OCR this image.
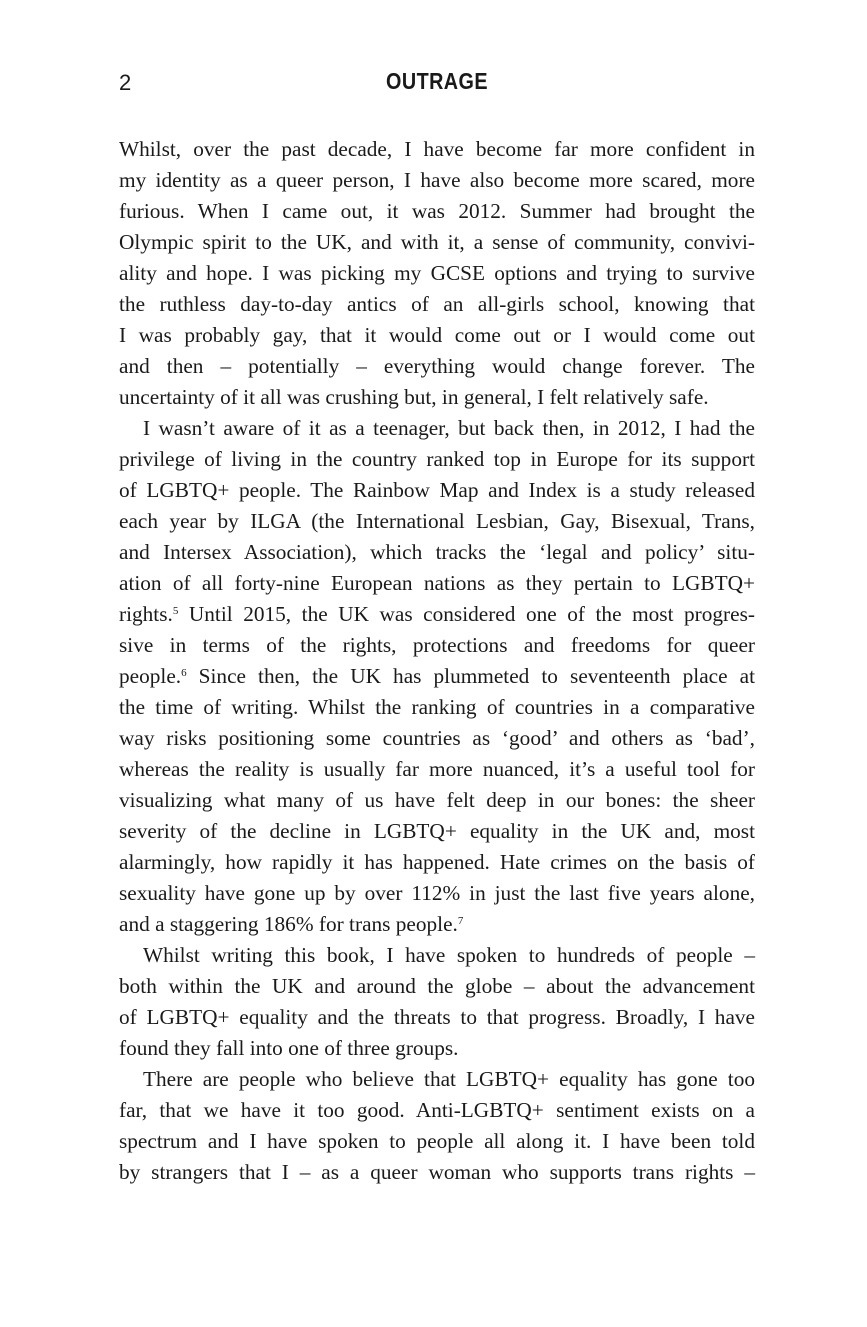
2	OUTRAGE
Whilst, over the past decade, I have become far more confident in
my identity as a queer person, I have also become more scared, more
furious. When I came out, it was 2012. Summer had brought the
Olympic spirit to the UK, and with it, a sense of community, convivi-
ality and hope. I was picking my GCSE options and trying to survive
the ruthless day-to-day antics of an all-girls school, knowing that
I was probably gay, that it would come out or I would come out
and then – potentially – everything would change forever. The
uncertainty of it all was crushing but, in general, I felt relatively safe.
I wasn’t aware of it as a teenager, but back then, in 2012, I had the
privilege of living in the country ranked top in Europe for its support
of LGBTQ+ people. The Rainbow Map and Index is a study released
each year by ILGA (the International Lesbian, Gay, Bisexual, Trans,
and Intersex Association), which tracks the ‘legal and policy’ situ-
ation of all forty-nine European nations as they pertain to LGBTQ+
rights.$^5$ Until 2015, the UK was considered one of the most progres-
sive in terms of the rights, protections and freedoms for queer
people.$^6$ Since then, the UK has plummeted to seventeenth place at
the time of writing. Whilst the ranking of countries in a comparative
way risks positioning some countries as ‘good’ and others as ‘bad’,
whereas the reality is usually far more nuanced, it’s a useful tool for
visualizing what many of us have felt deep in our bones: the sheer
severity of the decline in LGBTQ+ equality in the UK and, most
alarmingly, how rapidly it has happened. Hate crimes on the basis of
sexuality have gone up by over 112% in just the last five years alone,
and a staggering 186% for trans people.$^7$
Whilst writing this book, I have spoken to hundreds of people –
both within the UK and around the globe – about the advancement
of LGBTQ+ equality and the threats to that progress. Broadly, I have
found they fall into one of three groups.
There are people who believe that LGBTQ+ equality has gone too
far, that we have it too good. Anti-LGBTQ+ sentiment exists on a
spectrum and I have spoken to people all along it. I have been told
by strangers that I – as a queer woman who supports trans rights –
